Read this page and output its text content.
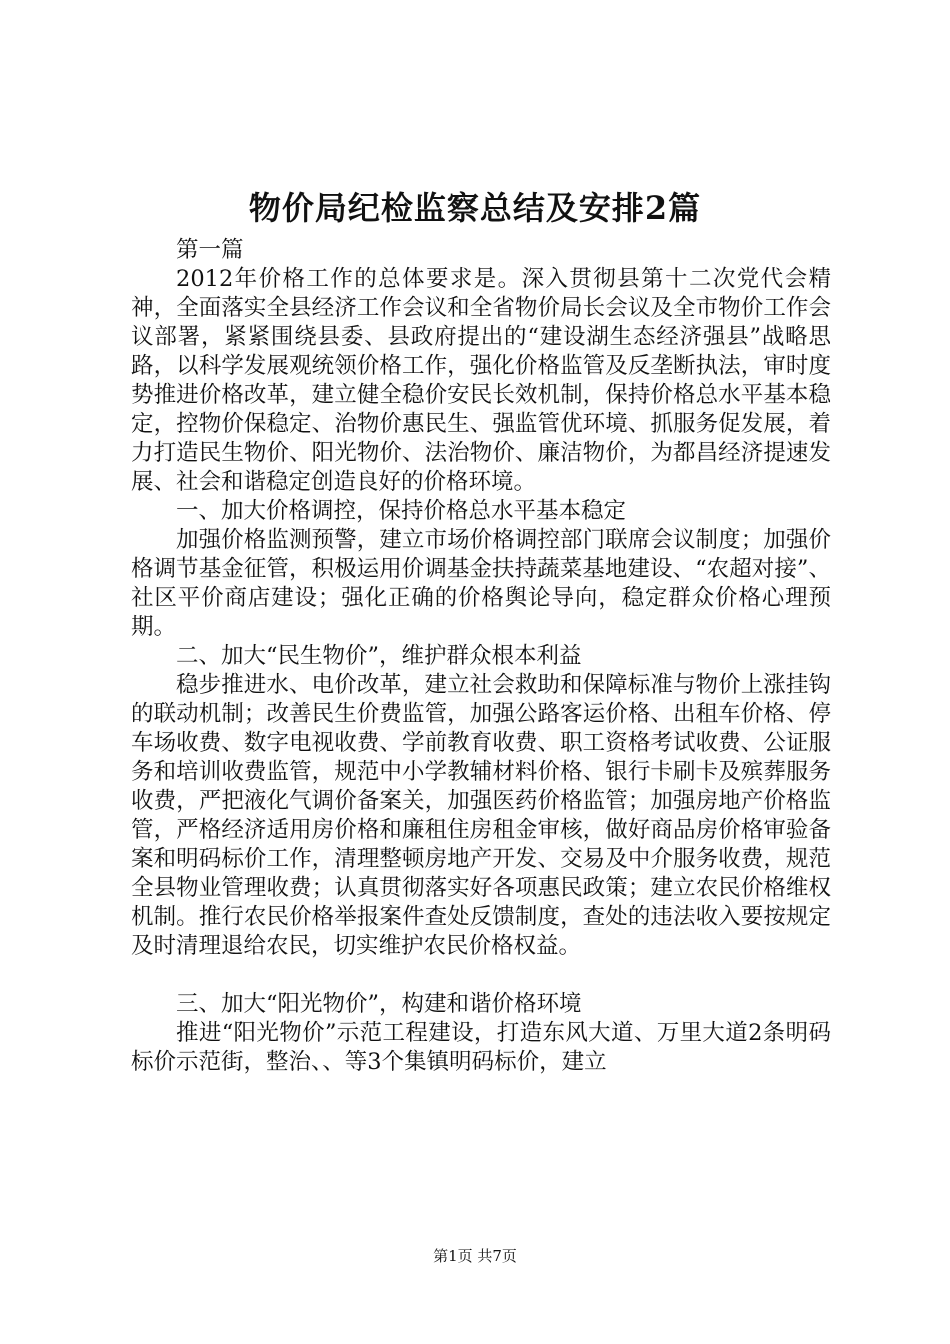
物价局纪检监察总结及安排2篇

第一篇

2012年价格工作的总体要求是。深入贯彻县第十二次党代会精神，全面落实全县经济工作会议和全省物价局长会议及全市物价工作会议部署，紧紧围绕县委、县政府提出的“建设湖生态经济强县”战略思路，以科学发展观统领价格工作，强化价格监管及反垄断执法，审时度势推进价格改革，建立健全稳价安民长效机制，保持价格总水平基本稳定，控物价保稳定、治物价惠民生、强监管优环境、抓服务促发展，着力打造民生物价、阳光物价、法治物价、廉洁物价，为都昌经济提速发展、社会和谐稳定创造良好的价格环境。

一、加大价格调控，保持价格总水平基本稳定

加强价格监测预警，建立市场价格调控部门联席会议制度；加强价格调节基金征管，积极运用价调基金扶持蔬菜基地建设、“农超对接”、社区平价商店建设；强化正确的价格舆论导向，稳定群众价格心理预期。

二、加大“民生物价”，维护群众根本利益

稳步推进水、电价改革，建立社会救助和保障标准与物价上涨挂钩的联动机制；改善民生价费监管，加强公路客运价格、出租车价格、停车场收费、数字电视收费、学前教育收费、职工资格考试收费、公证服务和培训收费监管，规范中小学教辅材料价格、银行卡刷卡及殡葬服务收费，严把液化气调价备案关，加强医药价格监管；加强房地产价格监管，严格经济适用房价格和廉租住房租金审核，做好商品房价格审验备案和明码标价工作，清理整顿房地产开发、交易及中介服务收费，规范全县物业管理收费；认真贯彻落实好各项惠民政策；建立农民价格维权机制。推行农民价格举报案件查处反馈制度，查处的违法收入要按规定及时清理退给农民，切实维护农民价格权益。

三、加大“阳光物价”，构建和谐价格环境

推进“阳光物价”示范工程建设，打造东风大道、万里大道2条明码标价示范街，整治、、等3个集镇明码标价，建立

第1页 共7页
